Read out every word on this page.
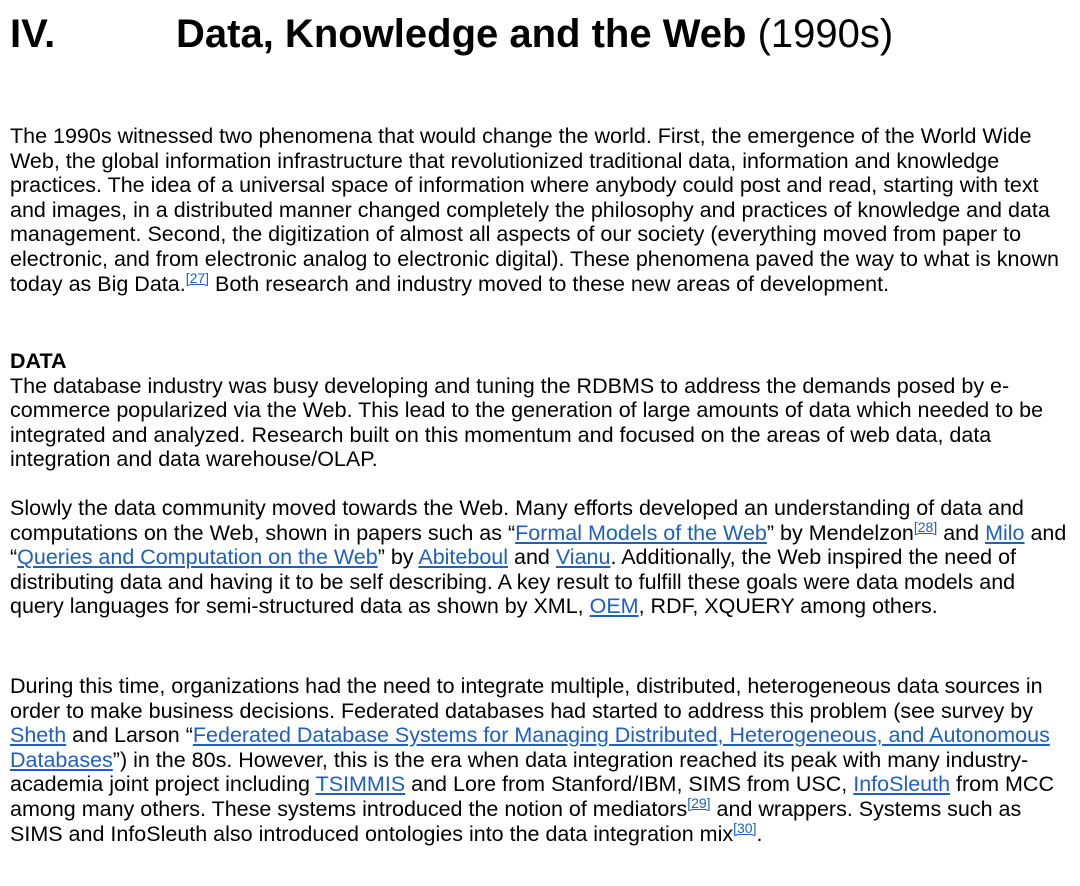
IV.	Data, Knowledge and the Web (1990s)

The 1990s witnessed two phenomena that would change the world. First, the emergence of the World Wide Web, the global information infrastructure that revolutionized traditional data, information and knowledge practices. The idea of a universal space of information where anybody could post and read, starting with text and images, in a distributed manner changed completely the philosophy and practices of knowledge and data management. Second, the digitization of almost all aspects of our society (everything moved from paper to electronic, and from electronic analog to electronic digital). These phenomena paved the way to what is known today as Big Data.[27] Both research and industry moved to these new areas of development.

DATA

The database industry was busy developing and tuning the RDBMS to address the demands posed by e-commerce popularized via the Web. This lead to the generation of large amounts of data which needed to be integrated and analyzed. Research built on this momentum and focused on the areas of web data, data integration and data warehouse/OLAP.

Slowly the data community moved towards the Web. Many efforts developed an understanding of data and computations on the Web, shown in papers such as “Formal Models of the Web” by Mendelzon[28] and Milo and “Queries and Computation on the Web” by Abiteboul and Vianu. Additionally, the Web inspired the need of distributing data and having it to be self describing. A key result to fulfill these goals were data models and query languages for semi-structured data as shown by XML, OEM, RDF, XQUERY among others.

During this time, organizations had the need to integrate multiple, distributed, heterogeneous data sources in order to make business decisions. Federated databases had started to address this problem (see survey by Sheth and Larson “Federated Database Systems for Managing Distributed, Heterogeneous, and Autonomous Databases”) in the 80s. However, this is the era when data integration reached its peak with many industry-academia joint project including TSIMMIS and Lore from Stanford/IBM, SIMS from USC, InfoSleuth from MCC among many others. These systems introduced the notion of mediators[29] and wrappers. Systems such as SIMS and InfoSleuth also introduced ontologies into the data integration mix[30].
